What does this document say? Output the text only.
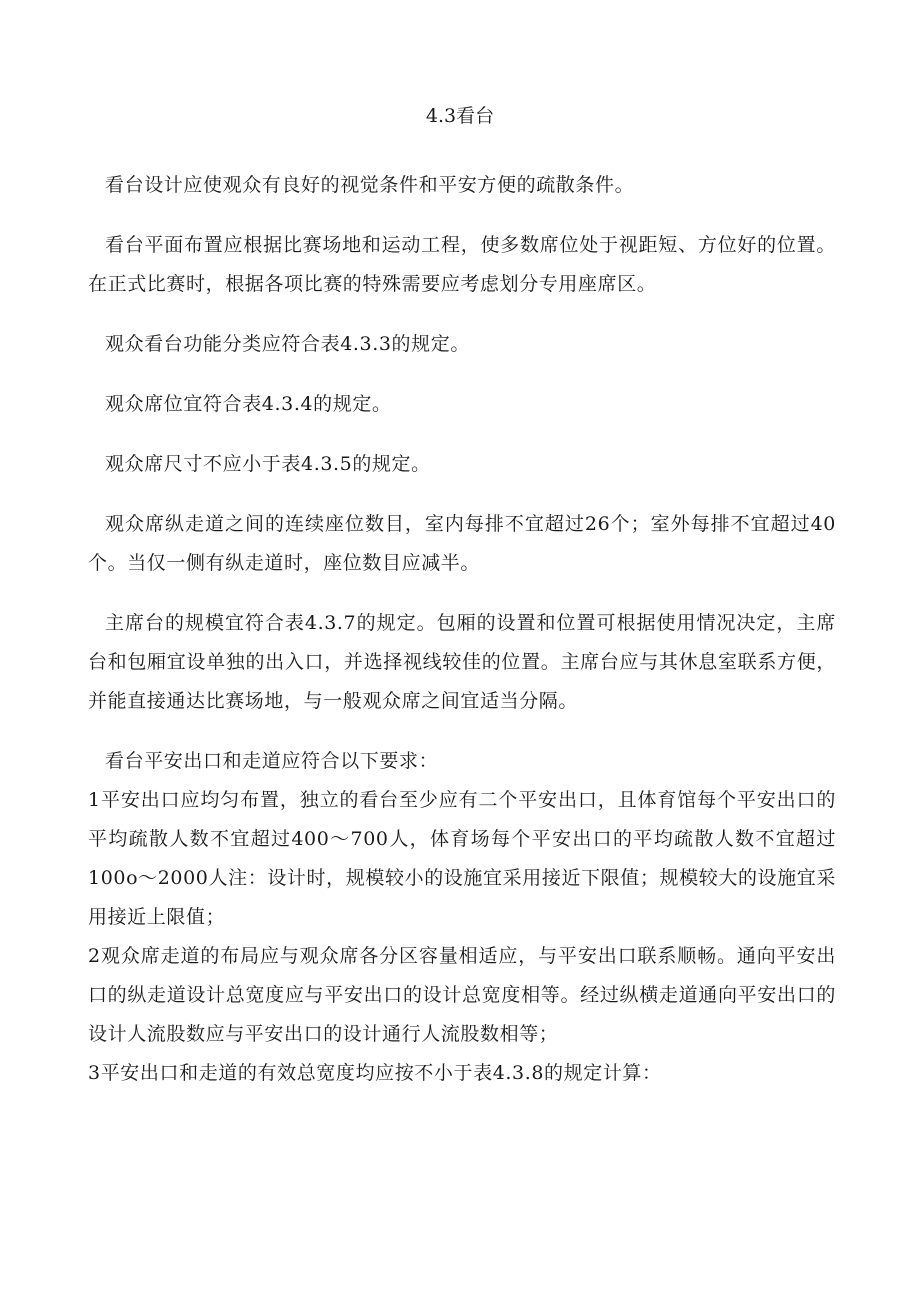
4.3看台

看台设计应使观众有良好的视觉条件和平安方便的疏散条件。

看台平面布置应根据比赛场地和运动工程，使多数席位处于视距短、方位好的位置。在正式比赛时，根据各项比赛的特殊需要应考虑划分专用座席区。

观众看台功能分类应符合表4.3.3的规定。

观众席位宜符合表4.3.4的规定。

观众席尺寸不应小于表4.3.5的规定。

观众席纵走道之间的连续座位数目，室内每排不宜超过26个；室外每排不宜超过40个。当仅一侧有纵走道时，座位数目应减半。

主席台的规模宜符合表4.3.7的规定。包厢的设置和位置可根据使用情况决定，主席台和包厢宜设单独的出入口，并选择视线较佳的位置。主席台应与其休息室联系方便，并能直接通达比赛场地，与一般观众席之间宜适当分隔。

看台平安出口和走道应符合以下要求：

1平安出口应均匀布置，独立的看台至少应有二个平安出口，且体育馆每个平安出口的平均疏散人数不宜超过400～700人，体育场每个平安出口的平均疏散人数不宜超过100o～2000人注：设计时，规模较小的设施宜采用接近下限值；规模较大的设施宜采用接近上限值；

2观众席走道的布局应与观众席各分区容量相适应，与平安出口联系顺畅。通向平安出口的纵走道设计总宽度应与平安出口的设计总宽度相等。经过纵横走道通向平安出口的设计人流股数应与平安出口的设计通行人流股数相等；

3平安出口和走道的有效总宽度均应按不小于表4.3.8的规定计算：
